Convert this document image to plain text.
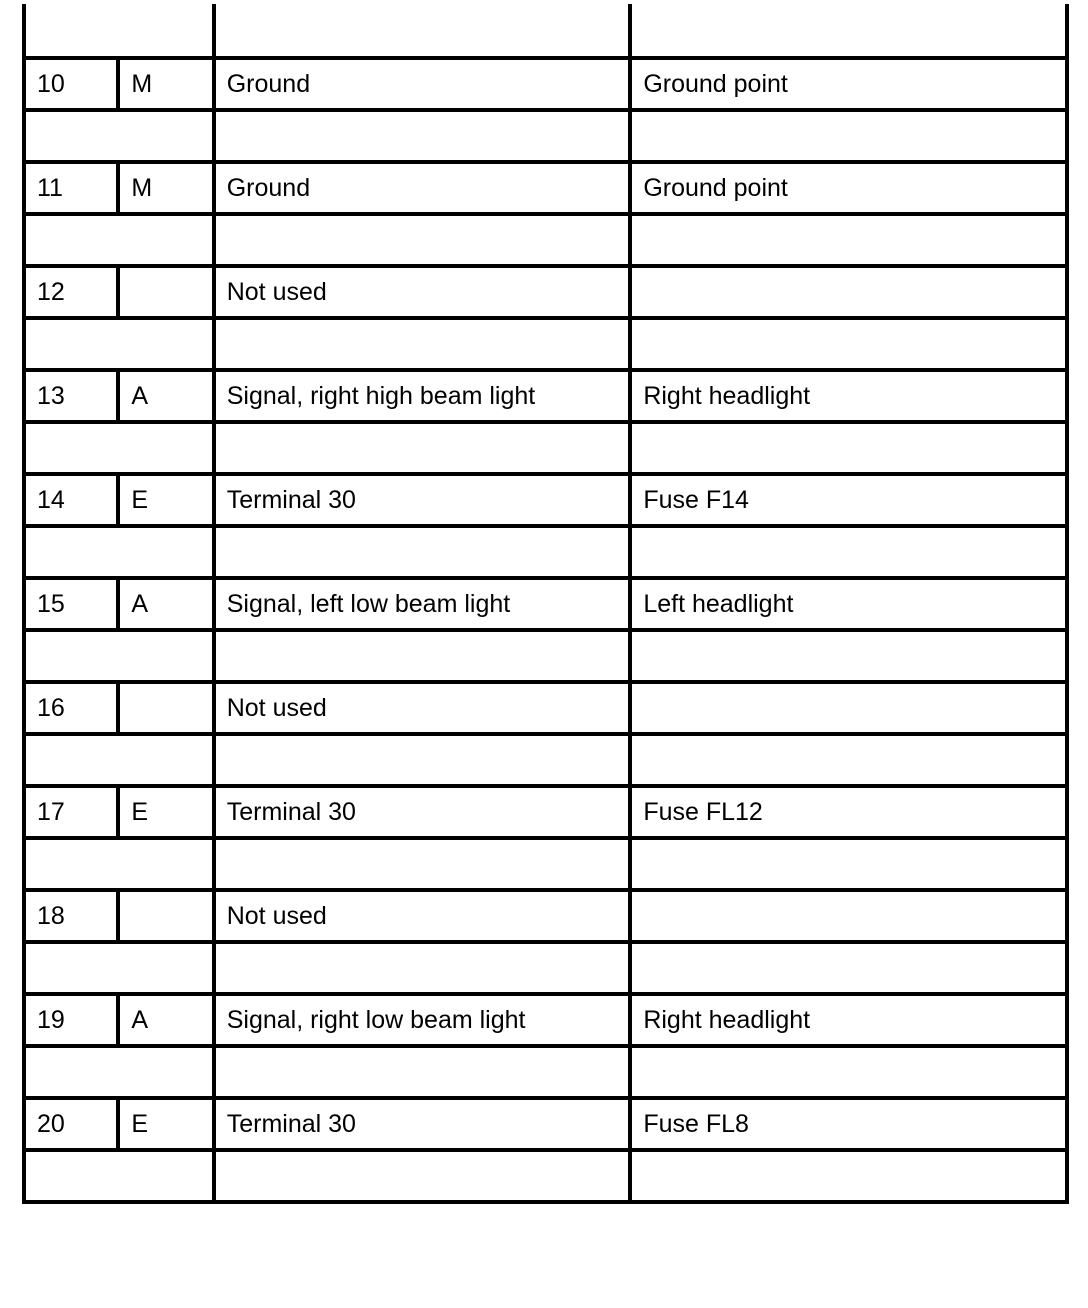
10	M	Ground	Ground point

11	M	Ground	Ground point

12		Not used	

13	A	Signal, right high beam light	Right headlight

14	E	Terminal 30	Fuse F14

15	A	Signal, left low beam light	Left headlight

16		Not used	

17	E	Terminal 30	Fuse FL12

18		Not used	

19	A	Signal, right low beam light	Right headlight

20	E	Terminal 30	Fuse FL8
